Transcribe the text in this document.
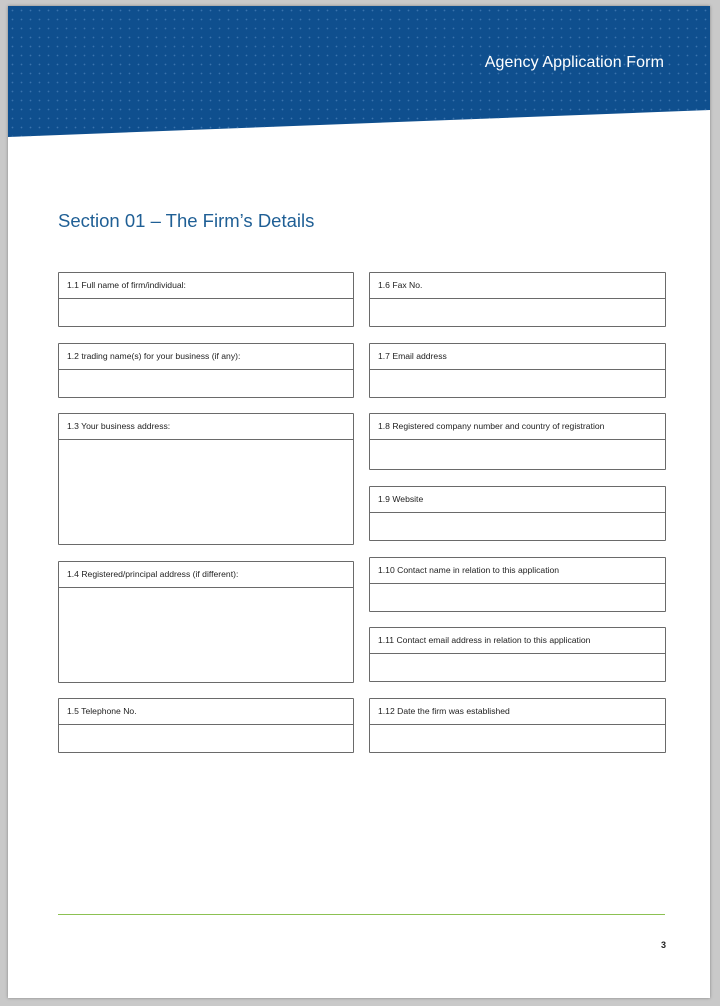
Agency Application Form
Section 01 – The Firm’s Details
1.1 Full name of firm/individual:
1.2 trading name(s) for your business (if any):
1.3 Your business address:
1.4 Registered/principal address (if different):
1.5 Telephone No.
1.6 Fax No.
1.7 Email address
1.8 Registered company number and country of registration
1.9 Website
1.10 Contact name in relation to this application
1.11 Contact email address in relation to this application
1.12 Date the firm was established
3
